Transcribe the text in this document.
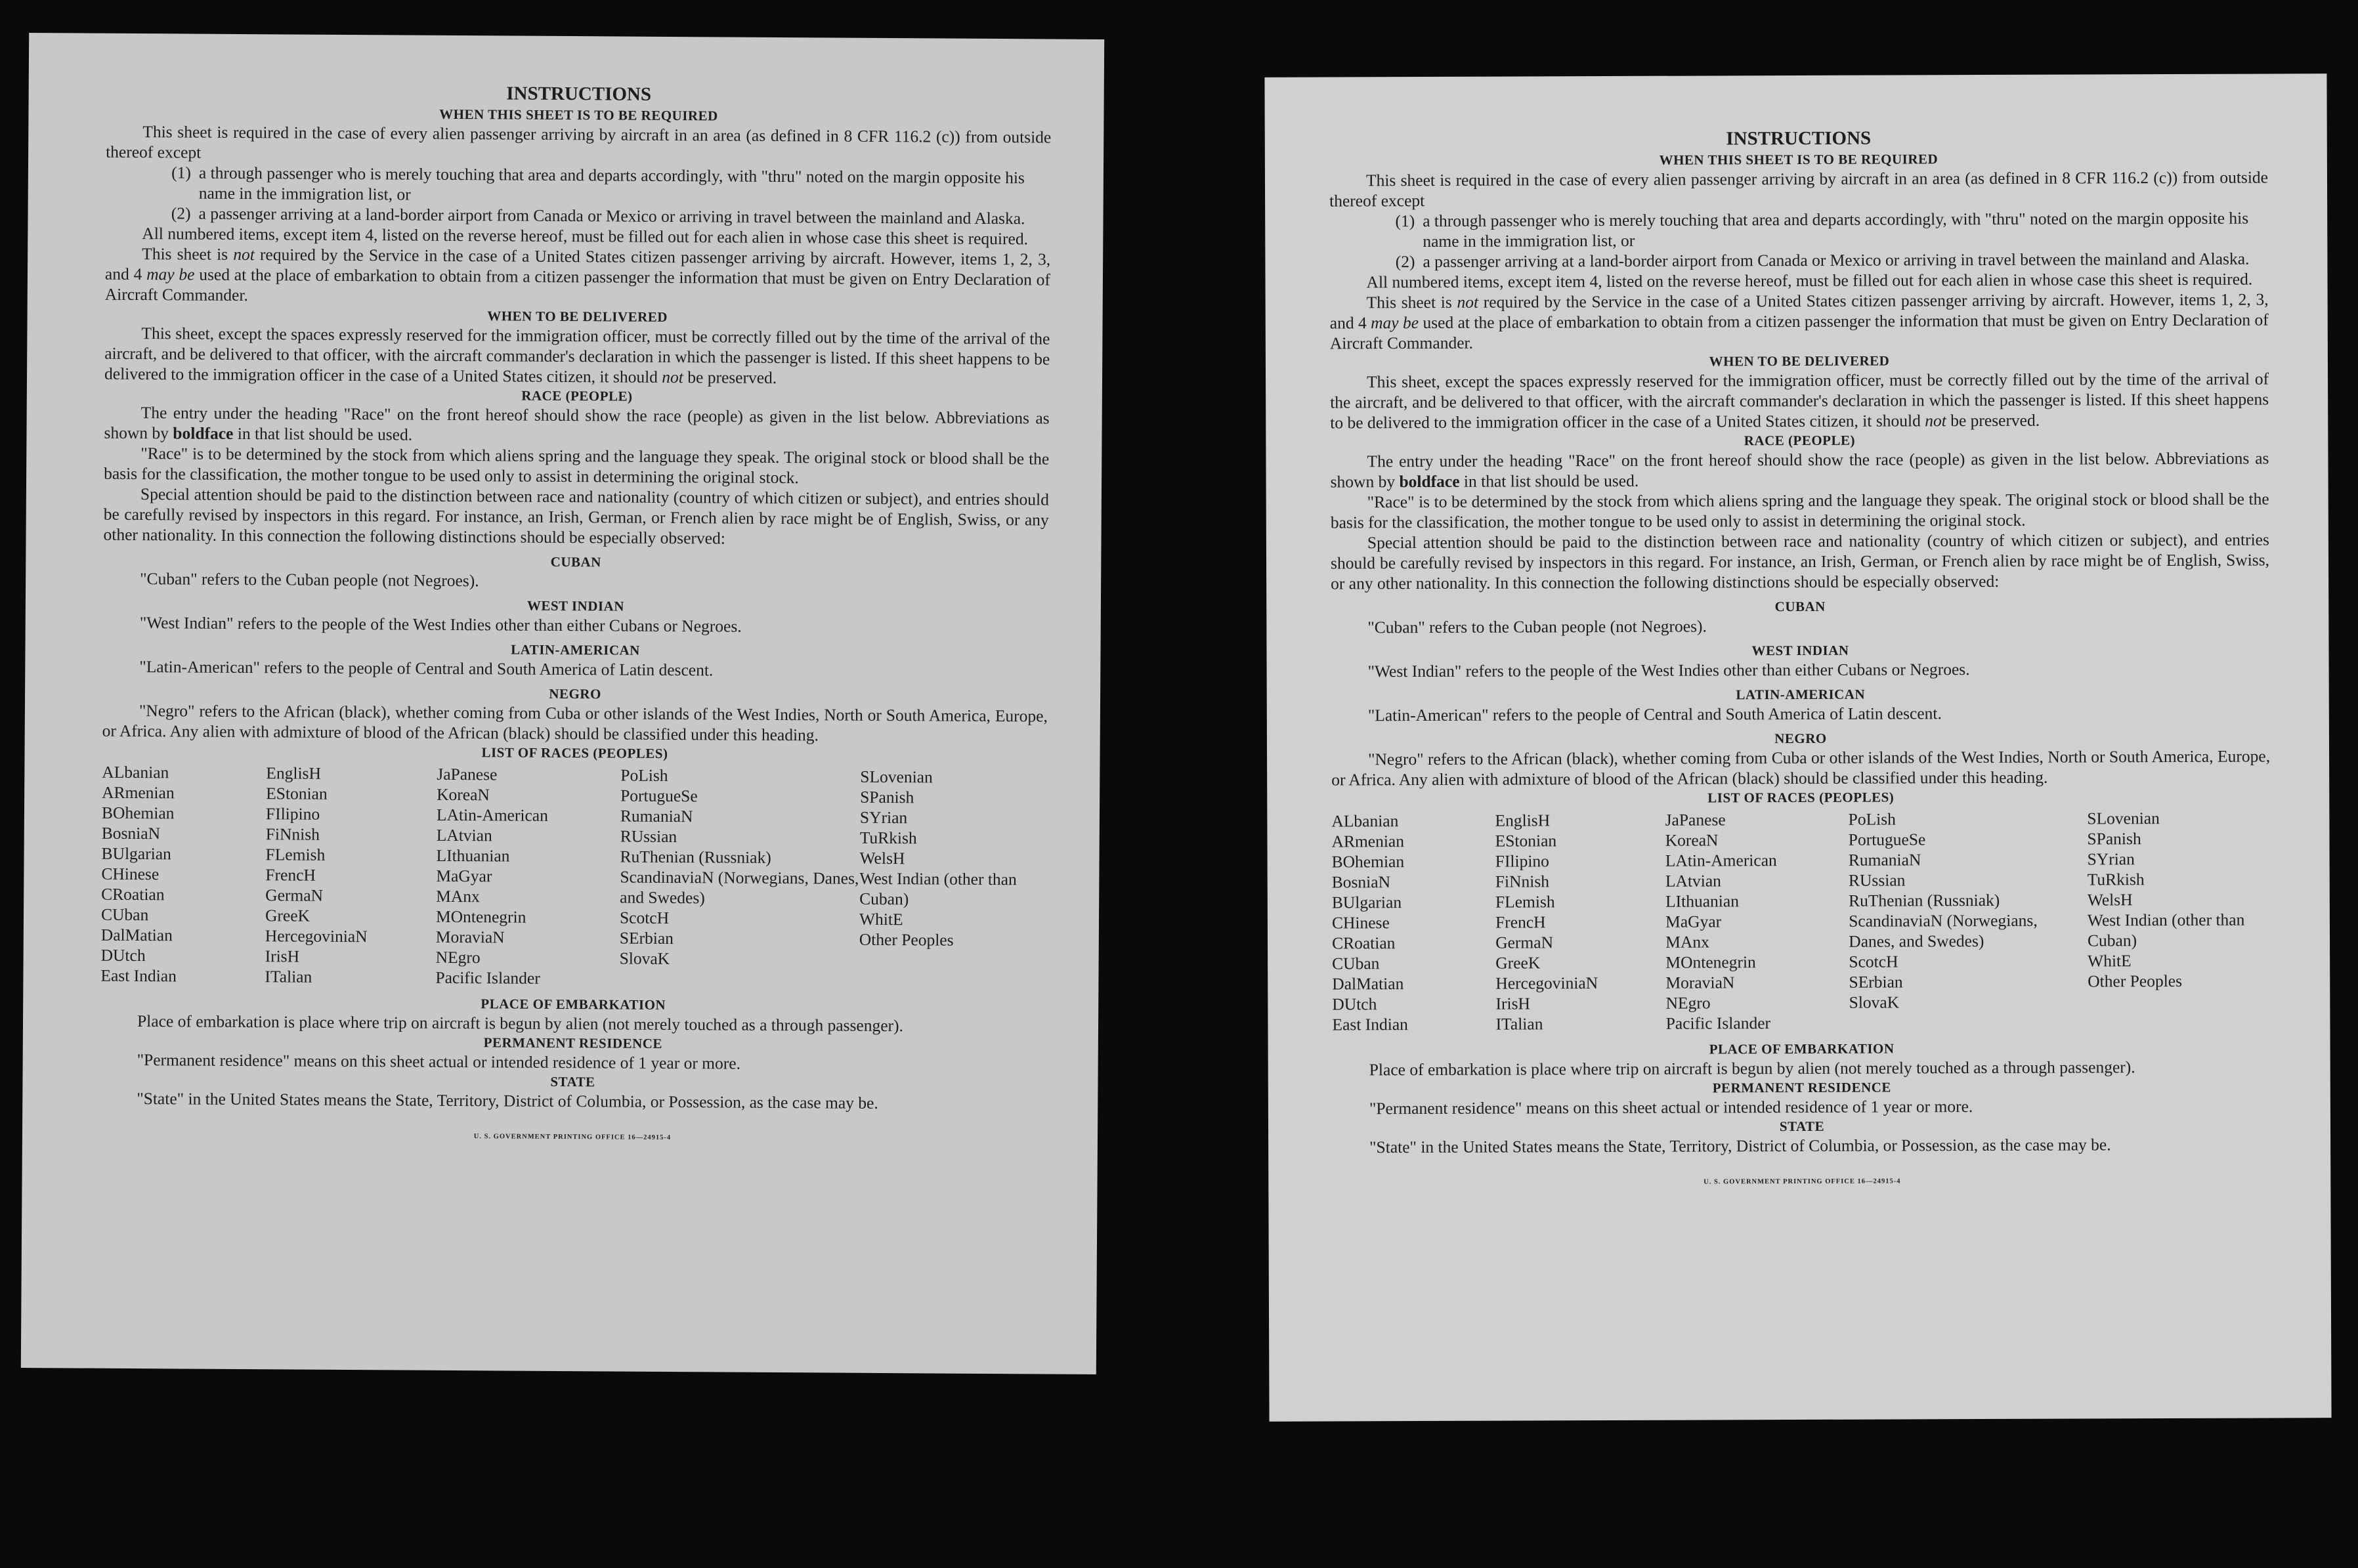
INSTRUCTIONS
WHEN THIS SHEET IS TO BE REQUIRED

This sheet is required in the case of every alien passenger arriving by aircraft in an area (as defined in 8 CFR 116.2 (c)) from outside thereof except

(1) a through passenger who is merely touching that area and departs accordingly, with "thru" noted on the margin opposite his name in the immigration list, or
(2) a passenger arriving at a land-border airport from Canada or Mexico or arriving in travel between the mainland and Alaska.

All numbered items, except item 4, listed on the reverse hereof, must be filled out for each alien in whose case this sheet is required.

This sheet is not required by the Service in the case of a United States citizen passenger arriving by aircraft. However, items 1, 2, 3, and 4 may be used at the place of embarkation to obtain from a citizen passenger the information that must be given on Entry Declaration of Aircraft Commander.

WHEN TO BE DELIVERED

This sheet, except the spaces expressly reserved for the immigration officer, must be correctly filled out by the time of the arrival of the aircraft, and be delivered to that officer, with the aircraft commander's declaration in which the passenger is listed. If this sheet happens to be delivered to the immigration officer in the case of a United States citizen, it should not be preserved.

RACE (PEOPLE)

The entry under the heading "Race" on the front hereof should show the race (people) as given in the list below. Abbreviations as shown by boldface in that list should be used.

"Race" is to be determined by the stock from which aliens spring and the language they speak. The original stock or blood shall be the basis for the classification, the mother tongue to be used only to assist in determining the original stock.

Special attention should be paid to the distinction between race and nationality (country of which citizen or subject), and entries should be carefully revised by inspectors in this regard. For instance, an Irish, German, or French alien by race might be of English, Swiss, or any other nationality. In this connection the following distinctions should be especially observed:

CUBAN

"Cuban" refers to the Cuban people (not Negroes).

WEST INDIAN

"West Indian" refers to the people of the West Indies other than either Cubans or Negroes.

LATIN-AMERICAN

"Latin-American" refers to the people of Central and South America of Latin descent.

NEGRO

"Negro" refers to the African (black), whether coming from Cuba or other islands of the West Indies, North or South America, Europe, or Africa. Any alien with admixture of blood of the African (black) should be classified under this heading.

LIST OF RACES (PEOPLES)
ALbanian
ARmenian
BOhemian
BosniaN
BUlgarian
CHinese
CRoatian
CUban
DalMatian
DUtch
East Indian
EnglisH
EStonian
FIlipino
FiNnish
FLemish
FrencH
GermaN
GreeK
HercegoviniaN
IrisH
ITalian
JaPanese
KoreaN
LAtin-American
LAtvian
LIthuanian
MaGyar
MAnx
MOntenegrin
MoraviaN
NEgro
Pacific Islander
PoLish
PortugueSe
RumaniaN
RUssian
RuThenian (Russniak)
ScandinaviaN (Norwegians, Danes, and Swedes)
ScotcH
SErbian
SlovaK
SLovenian
SPanish
SYrian
TuRkish
WelsH
West Indian (other than Cuban)
WhitE
Other Peoples
PLACE OF EMBARKATION

Place of embarkation is place where trip on aircraft is begun by alien (not merely touched as a through passenger).

PERMANENT RESIDENCE

"Permanent residence" means on this sheet actual or intended residence of 1 year or more.

STATE

"State" in the United States means the State, Territory, District of Columbia, or Possession, as the case may be.

U. S. GOVERNMENT PRINTING OFFICE 16—24915-4
INSTRUCTIONS
WHEN THIS SHEET IS TO BE REQUIRED

This sheet is required in the case of every alien passenger arriving by aircraft in an area (as defined in 8 CFR 116.2 (c)) from outside thereof except

(1) a through passenger who is merely touching that area and departs accordingly, with "thru" noted on the margin opposite his name in the immigration list, or
(2) a passenger arriving at a land-border airport from Canada or Mexico or arriving in travel between the mainland and Alaska.

All numbered items, except item 4, listed on the reverse hereof, must be filled out for each alien in whose case this sheet is required.

This sheet is not required by the Service in the case of a United States citizen passenger arriving by aircraft. However, items 1, 2, 3, and 4 may be used at the place of embarkation to obtain from a citizen passenger the information that must be given on Entry Declaration of Aircraft Commander.

WHEN TO BE DELIVERED

This sheet, except the spaces expressly reserved for the immigration officer, must be correctly filled out by the time of the arrival of the aircraft, and be delivered to that officer, with the aircraft commander's declaration in which the passenger is listed. If this sheet happens to be delivered to the immigration officer in the case of a United States citizen, it should not be preserved.

RACE (PEOPLE)

The entry under the heading "Race" on the front hereof should show the race (people) as given in the list below. Abbreviations as shown by boldface in that list should be used.

"Race" is to be determined by the stock from which aliens spring and the language they speak. The original stock or blood shall be the basis for the classification, the mother tongue to be used only to assist in determining the original stock.

Special attention should be paid to the distinction between race and nationality (country of which citizen or subject), and entries should be carefully revised by inspectors in this regard. For instance, an Irish, German, or French alien by race might be of English, Swiss, or any other nationality. In this connection the following distinctions should be especially observed:

CUBAN

"Cuban" refers to the Cuban people (not Negroes).

WEST INDIAN

"West Indian" refers to the people of the West Indies other than either Cubans or Negroes.

LATIN-AMERICAN

"Latin-American" refers to the people of Central and South America of Latin descent.

NEGRO

"Negro" refers to the African (black), whether coming from Cuba or other islands of the West Indies, North or South America, Europe, or Africa. Any alien with admixture of blood of the African (black) should be classified under this heading.

LIST OF RACES (PEOPLES)
ALbanian
ARmenian
BOhemian
BosniaN
BUlgarian
CHinese
CRoatian
CUban
DalMatian
DUtch
East Indian
EnglisH
EStonian
FIlipino
FiNnish
FLemish
FrencH
GermaN
GreeK
HercegoviniaN
IrisH
ITalian
JaPanese
KoreaN
LAtin-American
LAtvian
LIthuanian
MaGyar
MAnx
MOntenegrin
MoraviaN
NEgro
Pacific Islander
PoLish
PortugueSe
RumaniaN
RUssian
RuThenian (Russniak)
ScandinaviaN (Norwegians, Danes, and Swedes)
ScotcH
SErbian
SlovaK
SLovenian
SPanish
SYrian
TuRkish
WelsH
West Indian (other than Cuban)
WhitE
Other Peoples
PLACE OF EMBARKATION

Place of embarkation is place where trip on aircraft is begun by alien (not merely touched as a through passenger).

PERMANENT RESIDENCE

"Permanent residence" means on this sheet actual or intended residence of 1 year or more.

STATE

"State" in the United States means the State, Territory, District of Columbia, or Possession, as the case may be.

U. S. GOVERNMENT PRINTING OFFICE 16—24915-4
